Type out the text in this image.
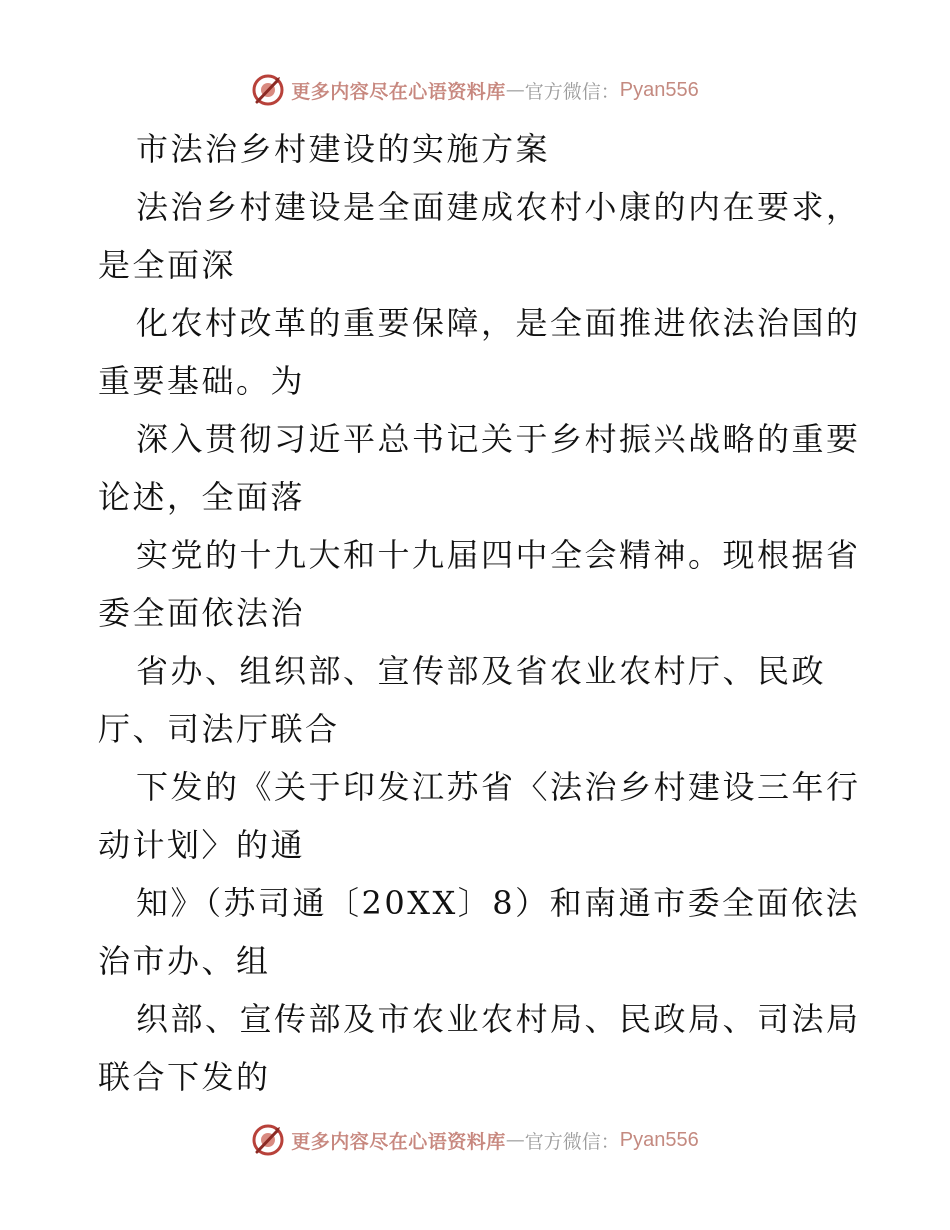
更多内容尽在心语资料库 — 官方微信： Pyan556
市法治乡村建设的实施方案
法治乡村建设是全面建成农村小康的内在要求，
是全面深
化农村改革的重要保障，是全面推进依法治国的
重要基础。为
深入贯彻习近平总书记关于乡村振兴战略的重要
论述，全面落
实党的十九大和十九届四中全会精神。现根据省
委全面依法治
省办、组织部、宣传部及省农业农村厅、民政
厅、司法厅联合
下发的《关于印发江苏省〈法治乡村建设三年行
动计划〉的通
知》（苏司通〔20XX〕8）和南通市委全面依法
治市办、组
织部、宣传部及市农业农村局、民政局、司法局
联合下发的
更多内容尽在心语资料库 — 官方微信： Pyan556
